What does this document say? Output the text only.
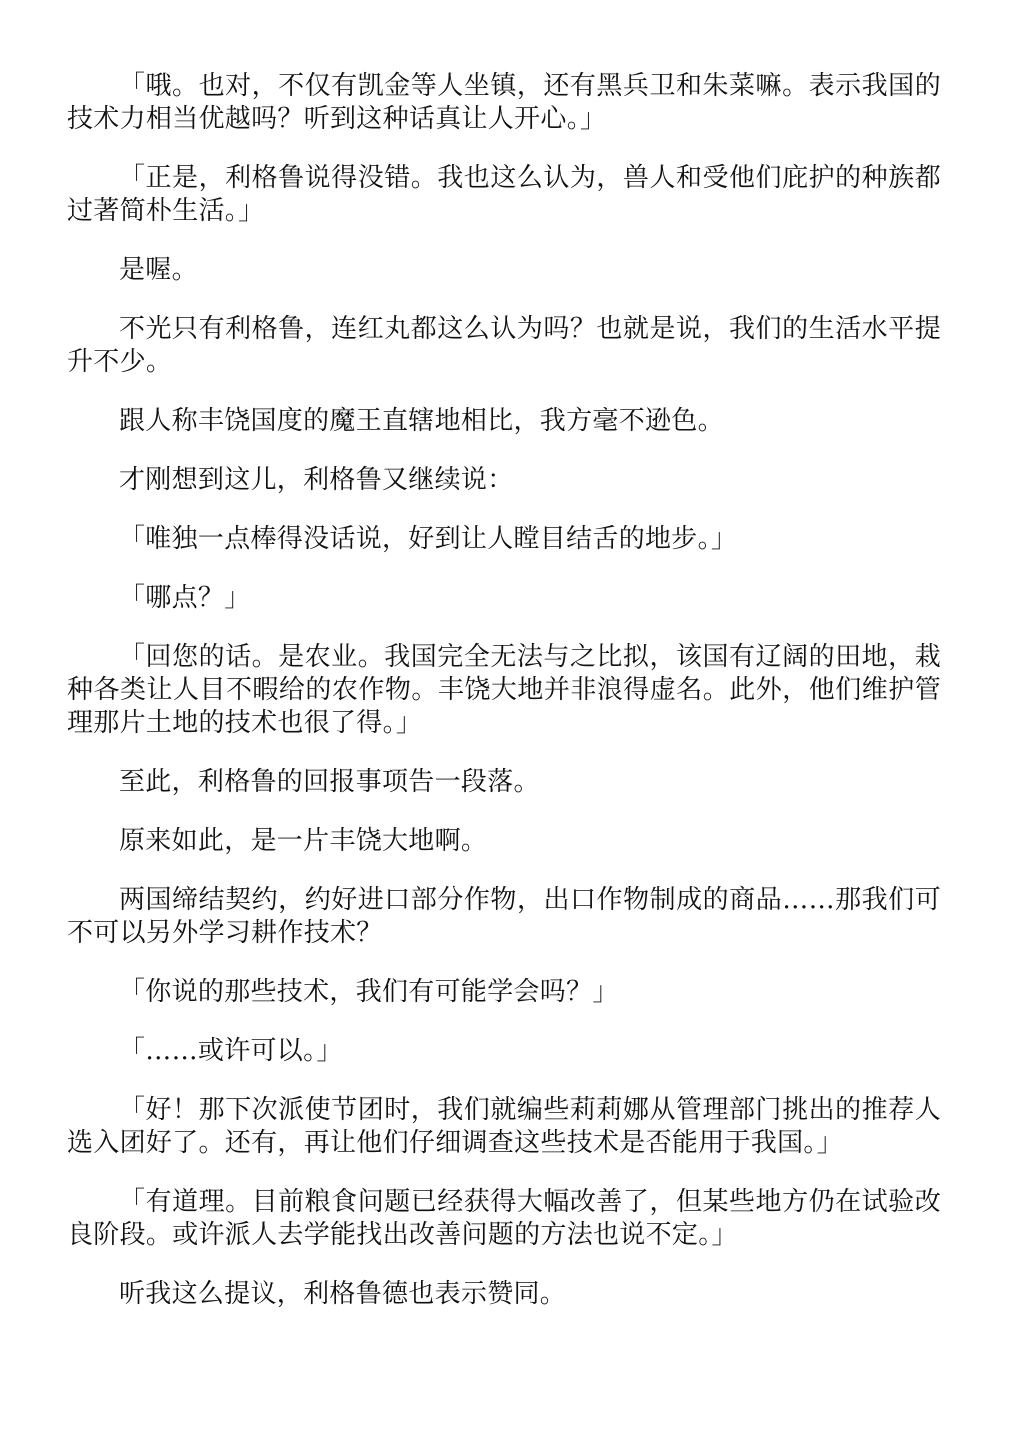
「哦。也对，不仅有凯金等人坐镇，还有黑兵卫和朱菜嘛。表示我国的技术力相当优越吗？听到这种话真让人开心。」

「正是，利格鲁说得没错。我也这么认为，兽人和受他们庇护的种族都过著简朴生活。」

是喔。

不光只有利格鲁，连红丸都这么认为吗？也就是说，我们的生活水平提升不少。

跟人称丰饶国度的魔王直辖地相比，我方毫不逊色。

才刚想到这儿，利格鲁又继续说：

「唯独一点棒得没话说，好到让人瞠目结舌的地步。」

「哪点？」

「回您的话。是农业。我国完全无法与之比拟，该国有辽阔的田地，栽种各类让人目不暇给的农作物。丰饶大地并非浪得虚名。此外，他们维护管理那片土地的技术也很了得。」

至此，利格鲁的回报事项告一段落。

原来如此，是一片丰饶大地啊。

两国缔结契约，约好进口部分作物，出口作物制成的商品……那我们可不可以另外学习耕作技术？

「你说的那些技术，我们有可能学会吗？」

「……或许可以。」

「好！那下次派使节团时，我们就编些莉莉娜从管理部门挑出的推荐人选入团好了。还有，再让他们仔细调查这些技术是否能用于我国。」

「有道理。目前粮食问题已经获得大幅改善了，但某些地方仍在试验改良阶段。或许派人去学能找出改善问题的方法也说不定。」

听我这么提议，利格鲁德也表示赞同。
